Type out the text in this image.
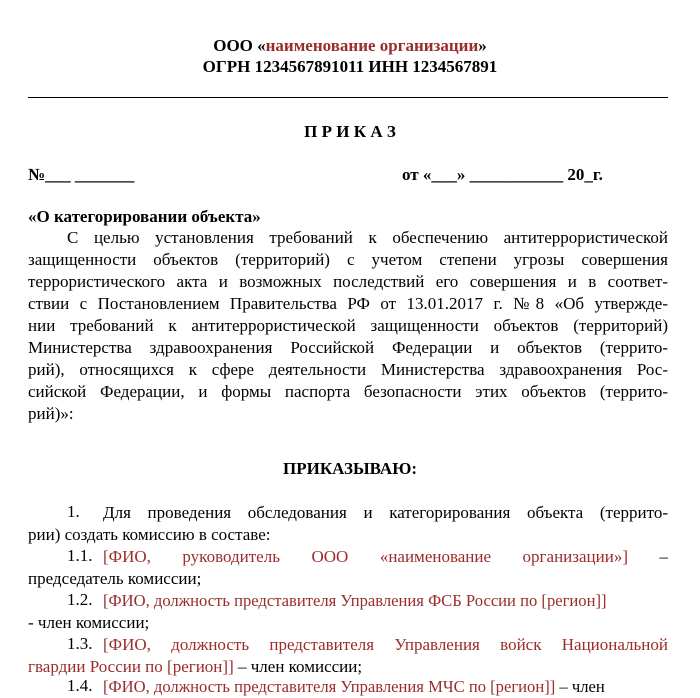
ООО «наименование организации»
ОГРН 1234567891011 ИНН 1234567891
П Р И К А З
№___ _______	от «___» ___________ 20_г.
«О категорировании объекта»
С целью установления требований к обеспечению антитеррористической
защищенности объектов (территорий) с учетом степени угрозы совершения
террористического акта и возможных последствий его совершения и в соответ-
ствии с Постановлением Правительства РФ от 13.01.2017 г. №8 «Об утвержде-
нии требований к антитеррористической защищенности объектов (территорий)
Министерства здравоохранения Российской Федерации и объектов (террито-
рий), относящихся к сфере деятельности Министерства здравоохранения Рос-
сийской Федерации, и формы паспорта безопасности этих объектов (террито-
рий)»:
ПРИКАЗЫВАЮ:
1. Для проведения обследования и категорирования объекта (террито-
рии) создать комиссию в составе:
1.1. [ФИО, руководитель ООО «наименование организации»] –
председатель комиссии;
1.2. [ФИО, должность представителя Управления ФСБ России по [регион]]
- член комиссии;
1.3. [ФИО, должность представителя Управления войск Национальной
гвардии России по [регион]] – член комиссии;
1.4. [ФИО, должность представителя Управления МЧС по [регион]] – член
